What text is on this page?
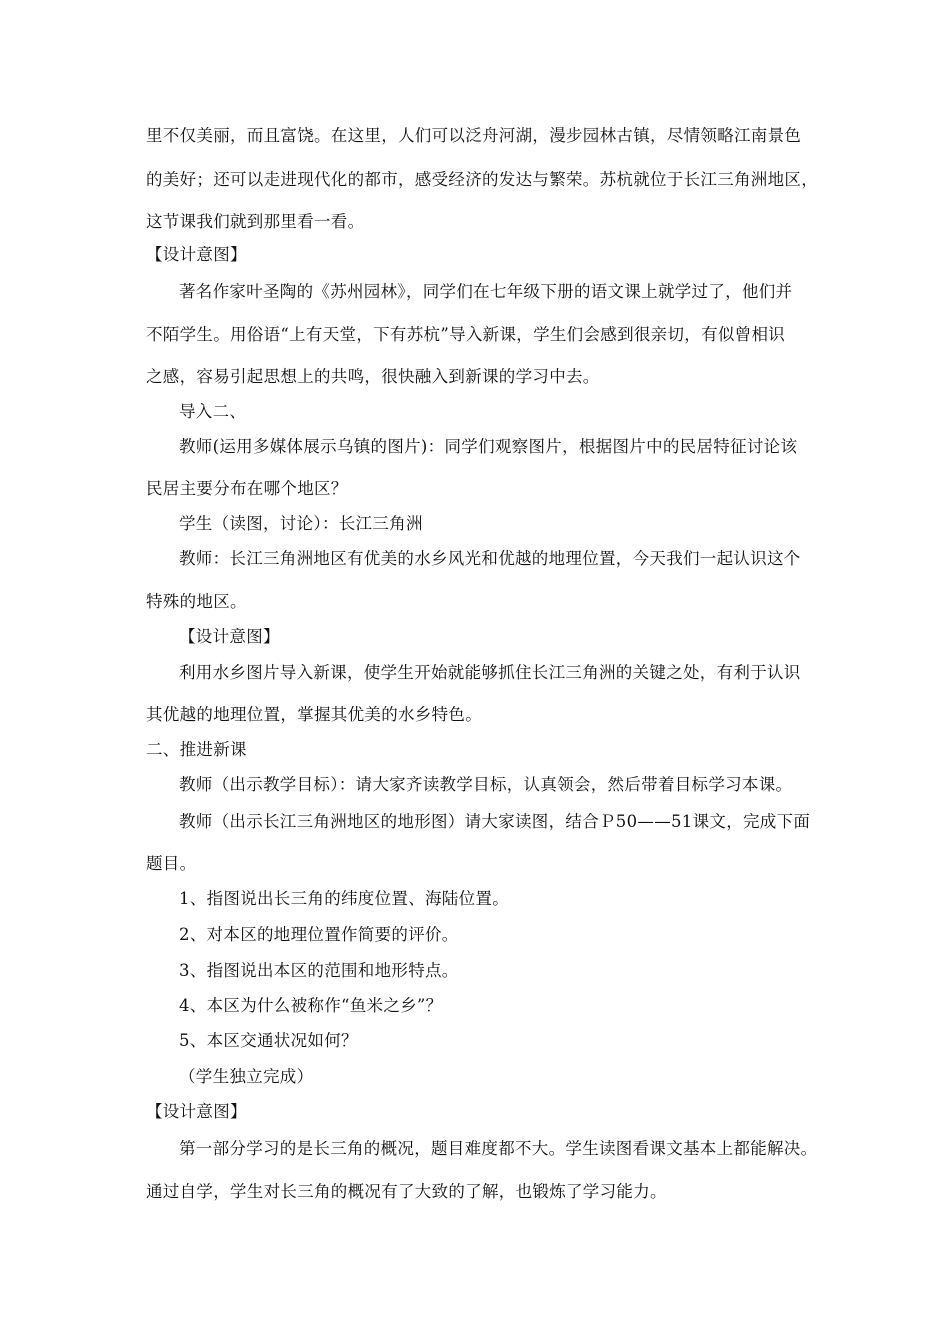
里不仅美丽，而且富饶。在这里，人们可以泛舟河湖，漫步园林古镇，尽情领略江南景色
的美好；还可以走进现代化的都市，感受经济的发达与繁荣。苏杭就位于长江三角洲地区，
这节课我们就到那里看一看。
【设计意图】
著名作家叶圣陶的《苏州园林》，同学们在七年级下册的语文课上就学过了，他们并
不陌学生。用俗语“上有天堂，下有苏杭”导入新课，学生们会感到很亲切，有似曾相识
之感，容易引起思想上的共鸣，很快融入到新课的学习中去。
导入二、
教师(运用多媒体展示乌镇的图片)：同学们观察图片，根据图片中的民居特征讨论该
民居主要分布在哪个地区？
学生（读图，讨论）：长江三角洲
教师：长江三角洲地区有优美的水乡风光和优越的地理位置，今天我们一起认识这个
特殊的地区。
【设计意图】
利用水乡图片导入新课，使学生开始就能够抓住长江三角洲的关键之处，有利于认识
其优越的地理位置，掌握其优美的水乡特色。
二、推进新课
教师（出示教学目标）：请大家齐读教学目标，认真领会，然后带着目标学习本课。
教师（出示长江三角洲地区的地形图）请大家读图，结合Ｐ50——51课文，完成下面
题目。
1、指图说出长三角的纬度位置、海陆位置。
2、对本区的地理位置作简要的评价。
3、指图说出本区的范围和地形特点。
4、本区为什么被称作“鱼米之乡”？
5、本区交通状况如何？
（学生独立完成）
【设计意图】
第一部分学习的是长三角的概况，题目难度都不大。学生读图看课文基本上都能解决。
通过自学，学生对长三角的概况有了大致的了解，也锻炼了学习能力。
